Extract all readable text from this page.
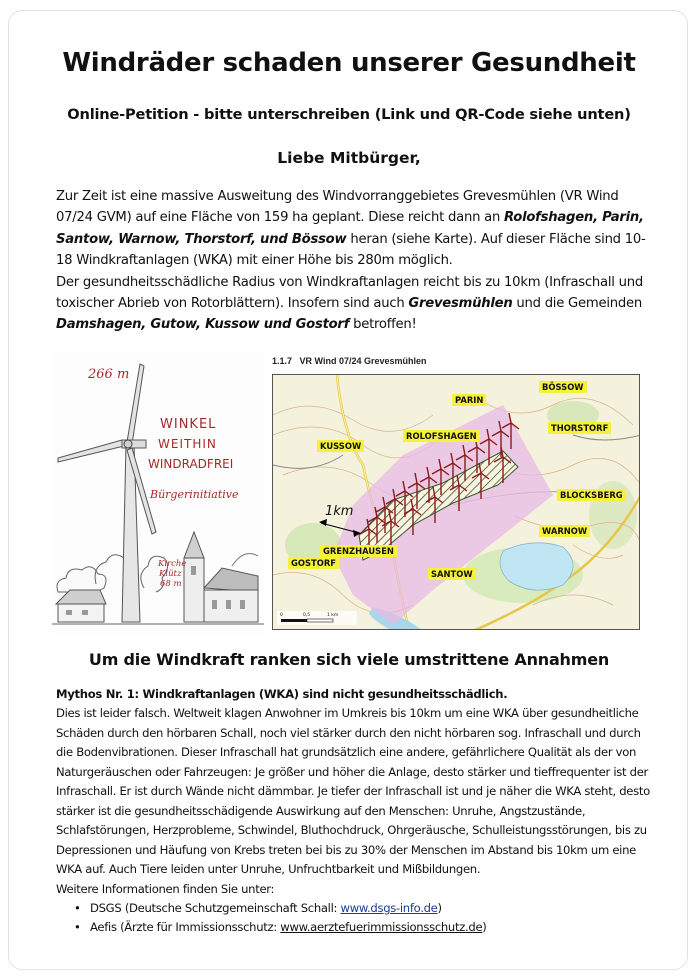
Windräder schaden unserer Gesundheit
Online-Petition - bitte unterschreiben (Link und QR-Code siehe unten)
Liebe Mitbürger,

Zur Zeit ist eine massive Ausweitung des Windvorranggebietes Grevesmühlen (VR Wind 07/24 GVM) auf eine Fläche von 159 ha geplant. Diese reicht dann an Rolofshagen, Parin, Santow, Warnow, Thorstorf, und Bössow heran (siehe Karte). Auf dieser Fläche sind 10-18 Windkraftanlagen (WKA) mit einer Höhe bis 280m möglich.

Der gesundheitsschädliche Radius von Windkraftanlagen reicht bis zu 10km (Infraschall und toxischer Abrieb von Rotorblättern). Insofern sind auch Grevesmühlen und die Gemeinden Damshagen, Gutow, Kussow und Gostorf betroffen!

266 m
WINKEL
WEITHIN
WINDRADFREI
Bürgerinitiative
Kirche
Klütz
68 m
1.1.7 VR Wind 07/24 Grevesmühlen
1km
0	0,5	1 km
BÖSSOW
PARIN
THORSTORF
ROLOFSHAGEN
KUSSOW
BLOCKSBERG
GRENZHAUSEN
WARNOW
GOSTORF
SANTOW
Um die Windkraft ranken sich viele umstrittene Annahmen

Mythos Nr. 1: Windkraftanlagen (WKA) sind nicht gesundheitsschädlich.

Dies ist leider falsch. Weltweit klagen Anwohner im Umkreis bis 10km um eine WKA über gesundheitliche Schäden durch den hörbaren Schall, noch viel stärker durch den nicht hörbaren sog. Infraschall und durch die Bodenvibrationen. Dieser Infraschall hat grundsätzlich eine andere, gefährlichere Qualität als der von Naturgeräuschen oder Fahrzeugen: Je größer und höher die Anlage, desto stärker und tieffrequenter ist der Infraschall. Er ist durch Wände nicht dämmbar. Je tiefer der Infraschall ist und je näher die WKA steht, desto stärker ist die gesundheitsschädigende Auswirkung auf den Menschen: Unruhe, Angstzustände, Schlafstörungen, Herzprobleme, Schwindel, Bluthochdruck, Ohrgeräusche, Schulleistungsstörungen, bis zu Depressionen und Häufung von Krebs treten bei bis zu 30% der Menschen im Abstand bis 10km um eine WKA auf. Auch Tiere leiden unter Unruhe, Unfruchtbarkeit und Mißbildungen.

Weitere Informationen finden Sie unter:

• DSGS (Deutsche Schutzgemeinschaft Schall: www.dsgs-info.de)
• Aefis (Ärzte für Immissionsschutz: www.aerztefuerimmissionsschutz.de)
